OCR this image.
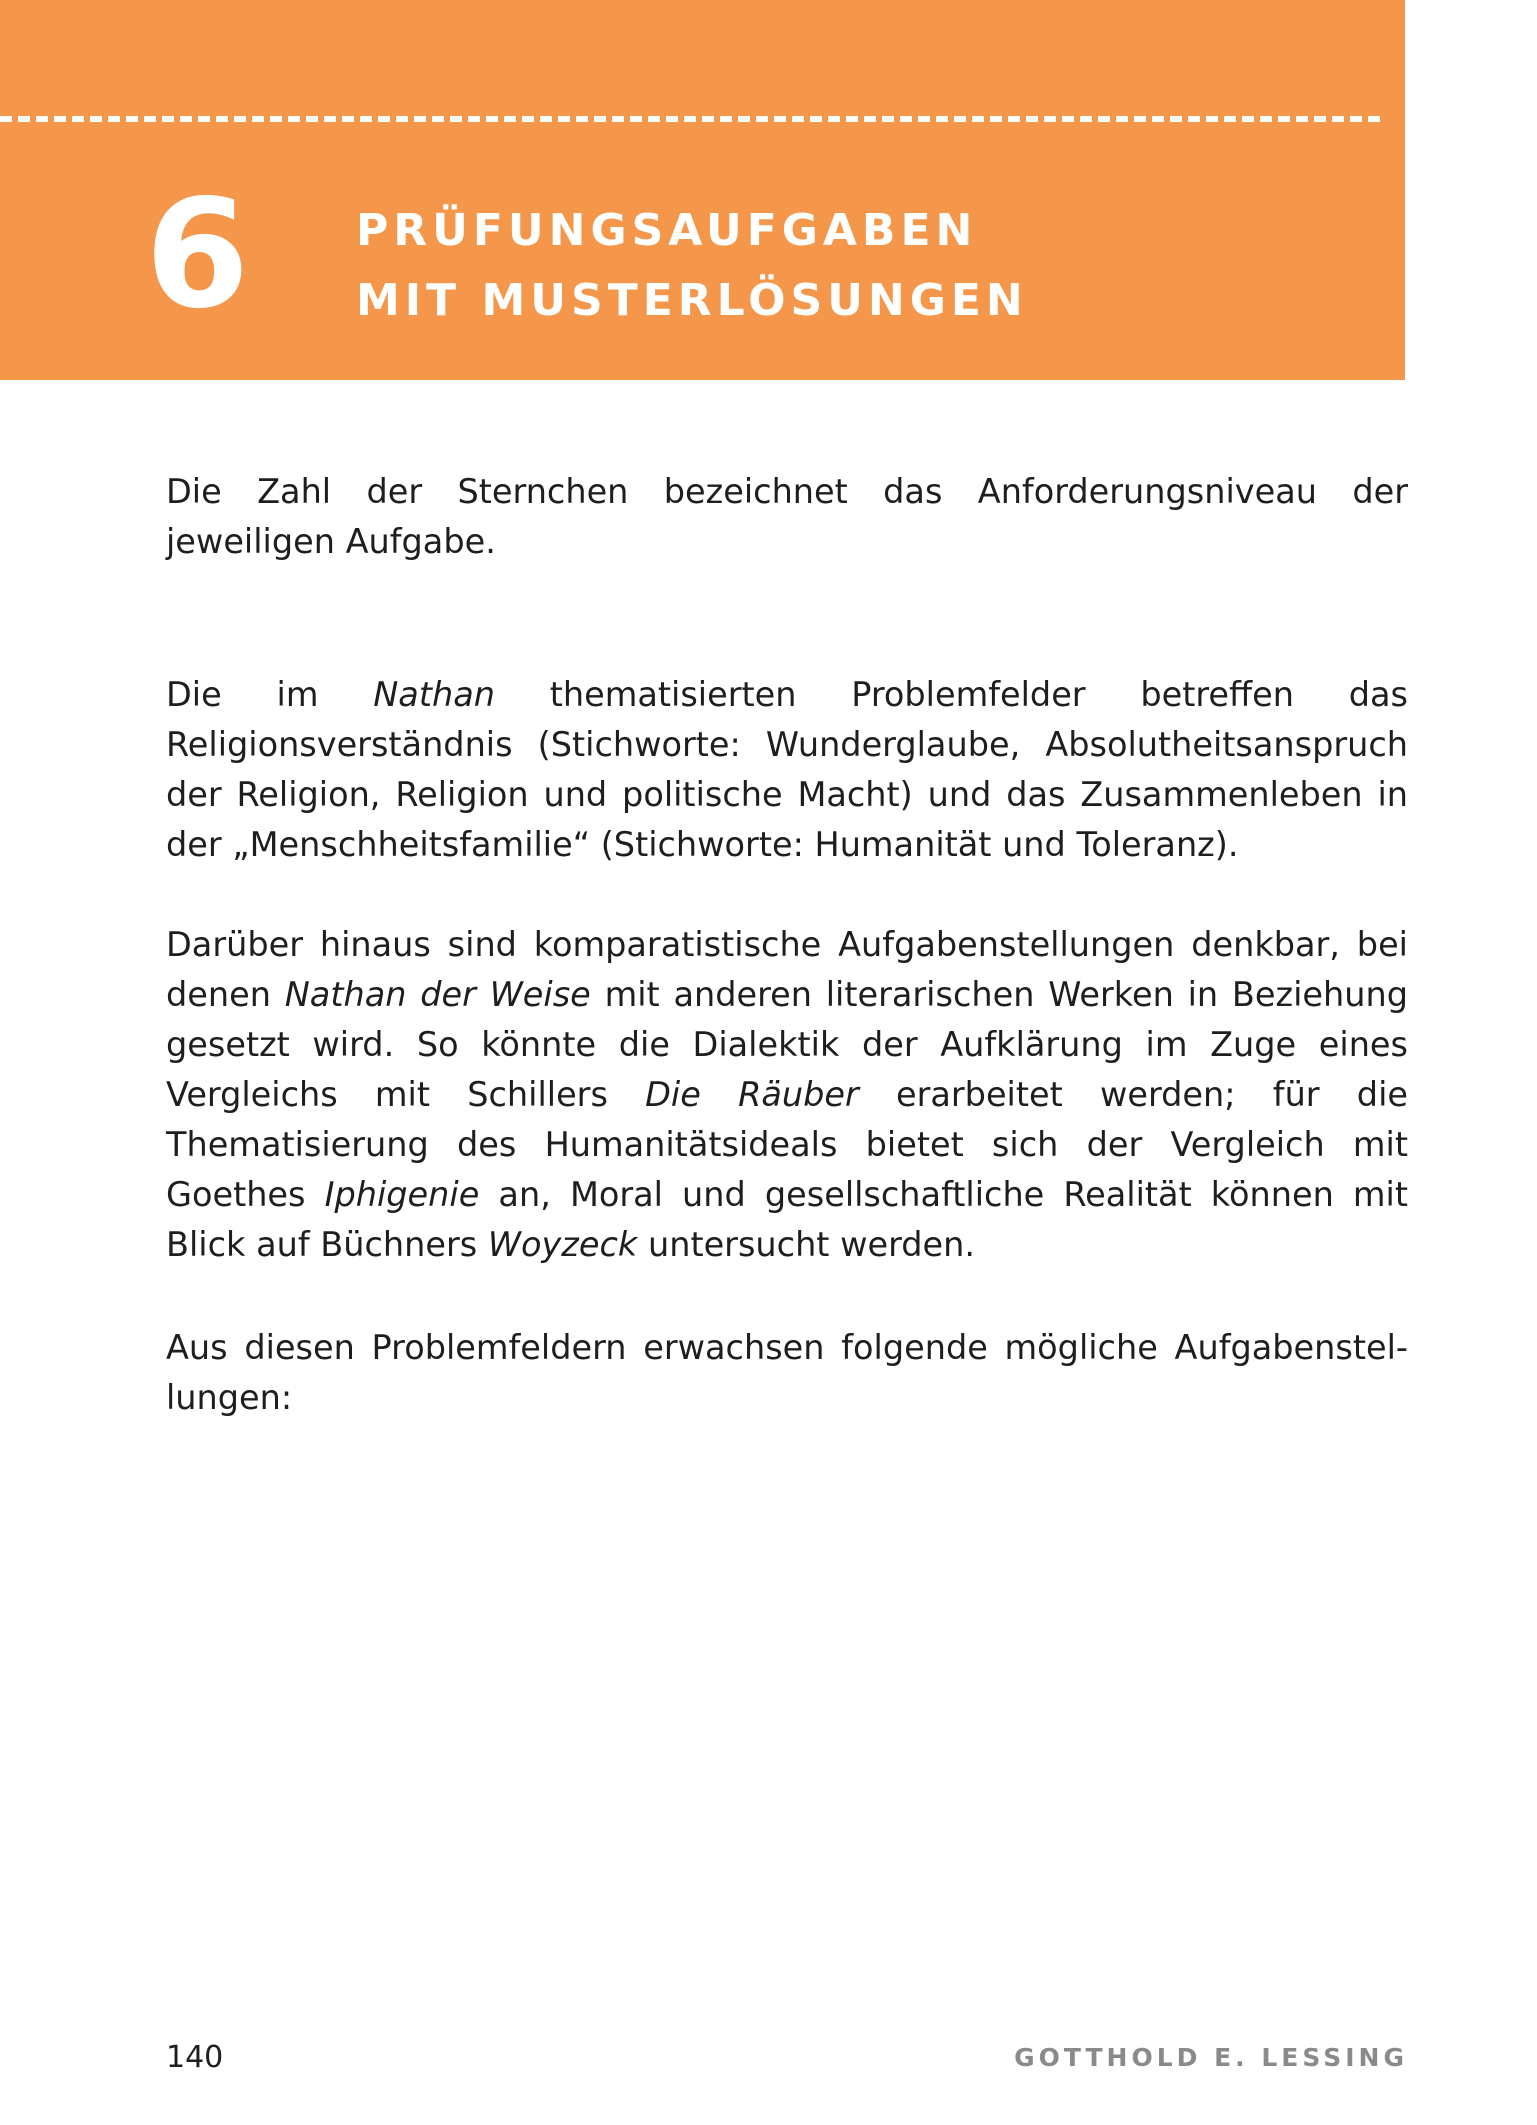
6 PRÜFUNGSAUFGABEN
MIT MUSTERLÖSUNGEN

Die Zahl der Sternchen bezeichnet das Anforderungsniveau der jeweiligen Aufgabe.

Die im Nathan thematisierten Problemfelder betreffen das Religionsverständnis (Stichworte: Wunderglaube, Absolutheitsanspruch der Religion, Religion und politische Macht) und das Zusammenleben in der „Menschheitsfamilie“ (Stichworte: Humanität und Toleranz).

Darüber hinaus sind komparatistische Aufgabenstellungen denkbar, bei denen Nathan der Weise mit anderen literarischen Werken in Beziehung gesetzt wird. So könnte die Dialektik der Aufklärung im Zuge eines Vergleichs mit Schillers Die Räuber erarbeitet werden; für die Thematisierung des Humanitätsideals bietet sich der Vergleich mit Goethes Iphigenie an, Moral und gesellschaftliche Realität können mit Blick auf Büchners Woyzeck untersucht werden.

Aus diesen Problemfeldern erwachsen folgende mögliche Aufgabenstellungen:

140	GOTTHOLD E. LESSING
